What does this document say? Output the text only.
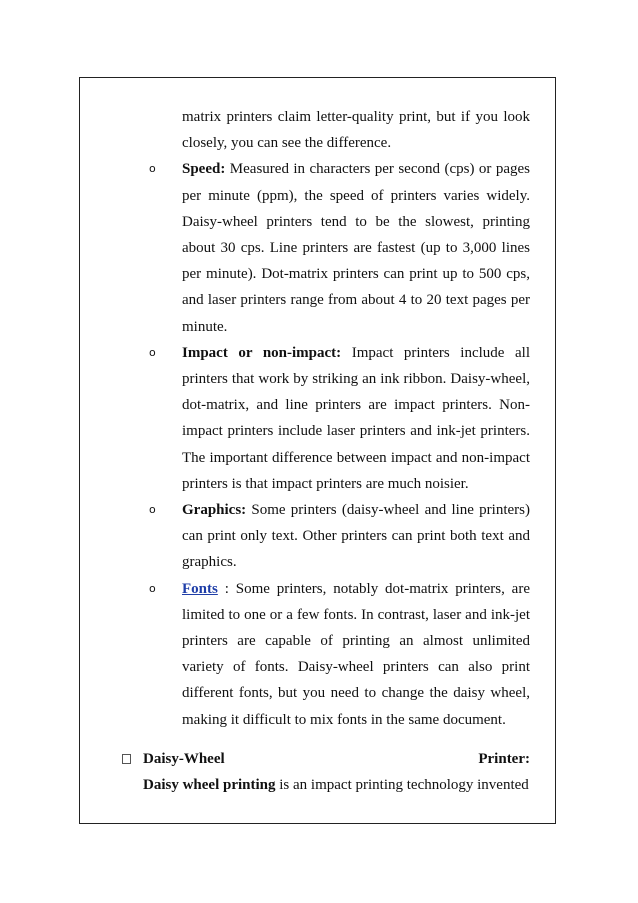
matrix printers claim letter-quality print, but if you look closely, you can see the difference.

o Speed: Measured in characters per second (cps) or pages per minute (ppm), the speed of printers varies widely. Daisy-wheel printers tend to be the slowest, printing about 30 cps. Line printers are fastest (up to 3,000 lines per minute). Dot-matrix printers can print up to 500 cps, and laser printers range from about 4 to 20 text pages per minute.

o Impact or non-impact: Impact printers include all printers that work by striking an ink ribbon. Daisy-wheel, dot-matrix, and line printers are impact printers. Non-impact printers include laser printers and ink-jet printers. The important difference between impact and non-impact printers is that impact printers are much noisier.

o Graphics: Some printers (daisy-wheel and line printers) can print only text. Other printers can print both text and graphics.

o Fonts : Some printers, notably dot-matrix printers, are limited to one or a few fonts. In contrast, laser and ink-jet printers are capable of printing an almost unlimited variety of fonts. Daisy-wheel printers can also print different fonts, but you need to change the daisy wheel, making it difficult to mix fonts in the same document.

Daisy-Wheel	Printer:

Daisy wheel printing is an impact printing technology invented
